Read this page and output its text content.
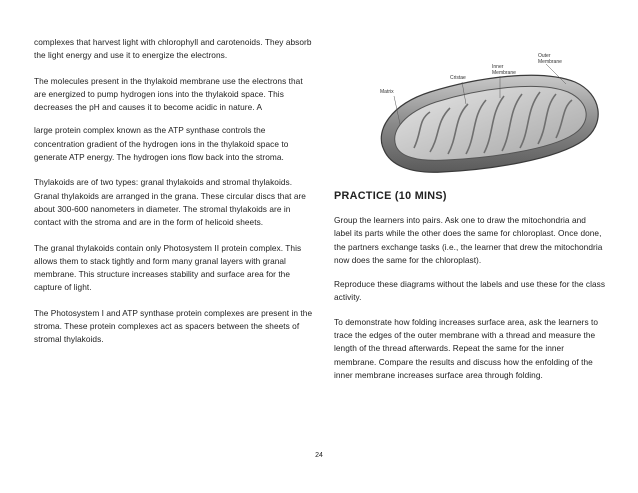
complexes that harvest light with chlorophyll and carotenoids. They absorb the light energy and use it to energize the electrons.

The molecules present in the thylakoid membrane use the electrons that are energized to pump hydrogen ions into the thylakoid space. This decreases the pH and causes it to become acidic in nature. A

large protein complex known as the ATP synthase controls the concentration gradient of the hydrogen ions in the thylakoid space to generate ATP energy. The hydrogen ions flow back into the stroma.

Thylakoids are of two types: granal thylakoids and stromal thylakoids. Granal thylakoids are arranged in the grana. These circular discs that are about 300-600 nanometers in diameter. The stromal thylakoids are in contact with the stroma and are in the form of helicoid sheets.

The granal thylakoids contain only Photosystem II protein complex. This allows them to stack tightly and form many granal layers with granal membrane. This structure increases stability and surface area for the capture of light.

The Photosystem I and ATP synthase protein complexes are present in the stroma. These protein complexes act as spacers between the sheets of stromal thylakoids.

Matrix
Cristae
Inner
Membrane
Outer
Membrane
PRACTICE (10 MINS)

Group the learners into pairs. Ask one to draw the mitochondria and label its parts while the other does the same for chloroplast. Once done, the partners exchange tasks (i.e., the learner that drew the mitochondria now does the same for the chloroplast).

Reproduce these diagrams without the labels and use these for the class activity.

To demonstrate how folding increases surface area, ask the learners to trace the edges of the outer membrane with a thread and measure the length of the thread afterwards. Repeat the same for the inner membrane. Compare the results and discuss how the enfolding of the inner membrane increases surface area through folding.

24
